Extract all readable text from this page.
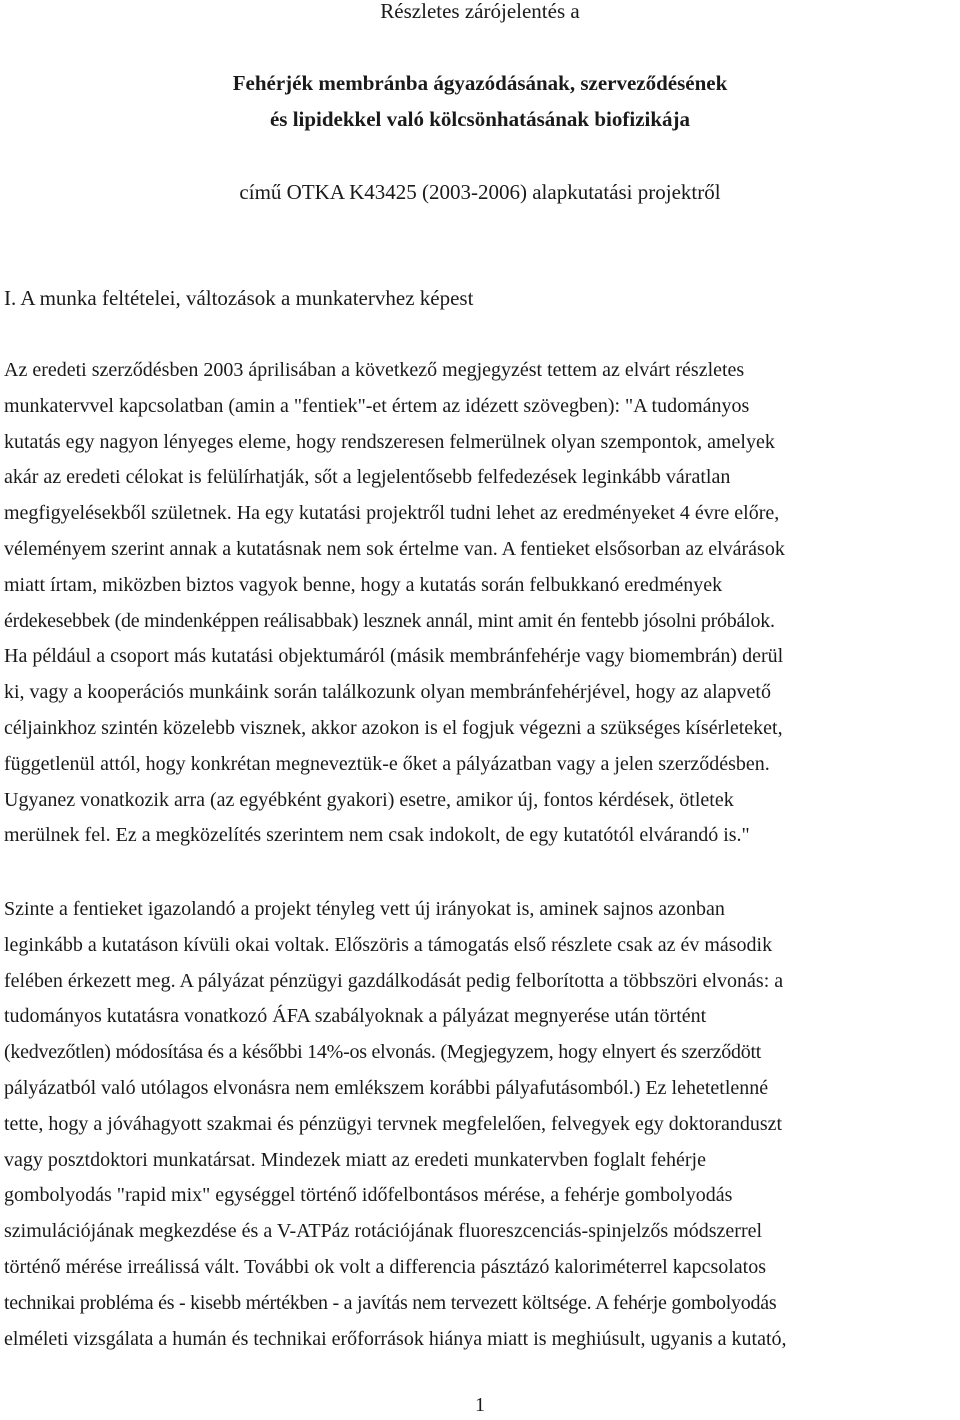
Részletes zárójelentés a
Fehérjék membránba ágyazódásának, szerveződésének
és lipidekkel való kölcsönhatásának biofizikája
című OTKA K43425 (2003-2006) alapkutatási projektről
I. A munka feltételei, változások a munkatervhez képest
Az eredeti szerződésben 2003 áprilisában a következő megjegyzést tettem az elvárt részletes
munkatervvel kapcsolatban (amin a "fentiek"-et értem az idézett szövegben): "A tudományos
kutatás egy nagyon lényeges eleme, hogy rendszeresen felmerülnek olyan szempontok, amelyek
akár az eredeti célokat is felülírhatják, sőt a legjelentősebb felfedezések leginkább váratlan
megfigyelésekből születnek. Ha egy kutatási projektről tudni lehet az eredményeket 4 évre előre,
véleményem szerint annak a kutatásnak nem sok értelme van. A fentieket elsősorban az elvárások
miatt írtam, miközben biztos vagyok benne, hogy a kutatás során felbukkanó eredmények
érdekesebbek (de mindenképpen reálisabbak) lesznek annál, mint amit én fentebb jósolni próbálok.
Ha például a csoport más kutatási objektumáról (másik membránfehérje vagy biomembrán) derül
ki, vagy a kooperációs munkáink során találkozunk olyan membránfehérjével, hogy az alapvető
céljainkhoz szintén közelebb visznek, akkor azokon is el fogjuk végezni a szükséges kísérleteket,
függetlenül attól, hogy konkrétan megneveztük-e őket a pályázatban vagy a jelen szerződésben.
Ugyanez vonatkozik arra (az egyébként gyakori) esetre, amikor új, fontos kérdések, ötletek
merülnek fel. Ez a megközelítés szerintem nem csak indokolt, de egy kutatótól elvárandó is."
Szinte a fentieket igazolandó a projekt tényleg vett új irányokat is, aminek sajnos azonban
leginkább a kutatáson kívüli okai voltak. Előszöris a támogatás első részlete csak az év második
felében érkezett meg. A pályázat pénzügyi gazdálkodását pedig felborította a többszöri elvonás: a
tudományos kutatásra vonatkozó ÁFA szabályoknak a pályázat megnyerése után történt
(kedvezőtlen) módosítása és a későbbi 14%-os elvonás. (Megjegyzem, hogy elnyert és szerződött
pályázatból való utólagos elvonásra nem emlékszem korábbi pályafutásomból.) Ez lehetetlenné
tette, hogy a jóváhagyott szakmai és pénzügyi tervnek megfelelően, felvegyek egy doktoranduszt
vagy posztdoktori munkatársat. Mindezek miatt az eredeti munkatervben foglalt fehérje
gombolyodás "rapid mix" egységgel történő időfelbontásos mérése, a fehérje gombolyodás
szimulációjának megkezdése és a V-ATPáz rotációjának fluoreszcenciás-spinjelzős módszerrel
történő mérése irreálissá vált. További ok volt a differencia pásztázó kaloriméterrel kapcsolatos
technikai probléma és - kisebb mértékben - a javítás nem tervezett költsége. A fehérje gombolyodás
elméleti vizsgálata a humán és technikai erőforrások hiánya miatt is meghiúsult, ugyanis a kutató,
1
